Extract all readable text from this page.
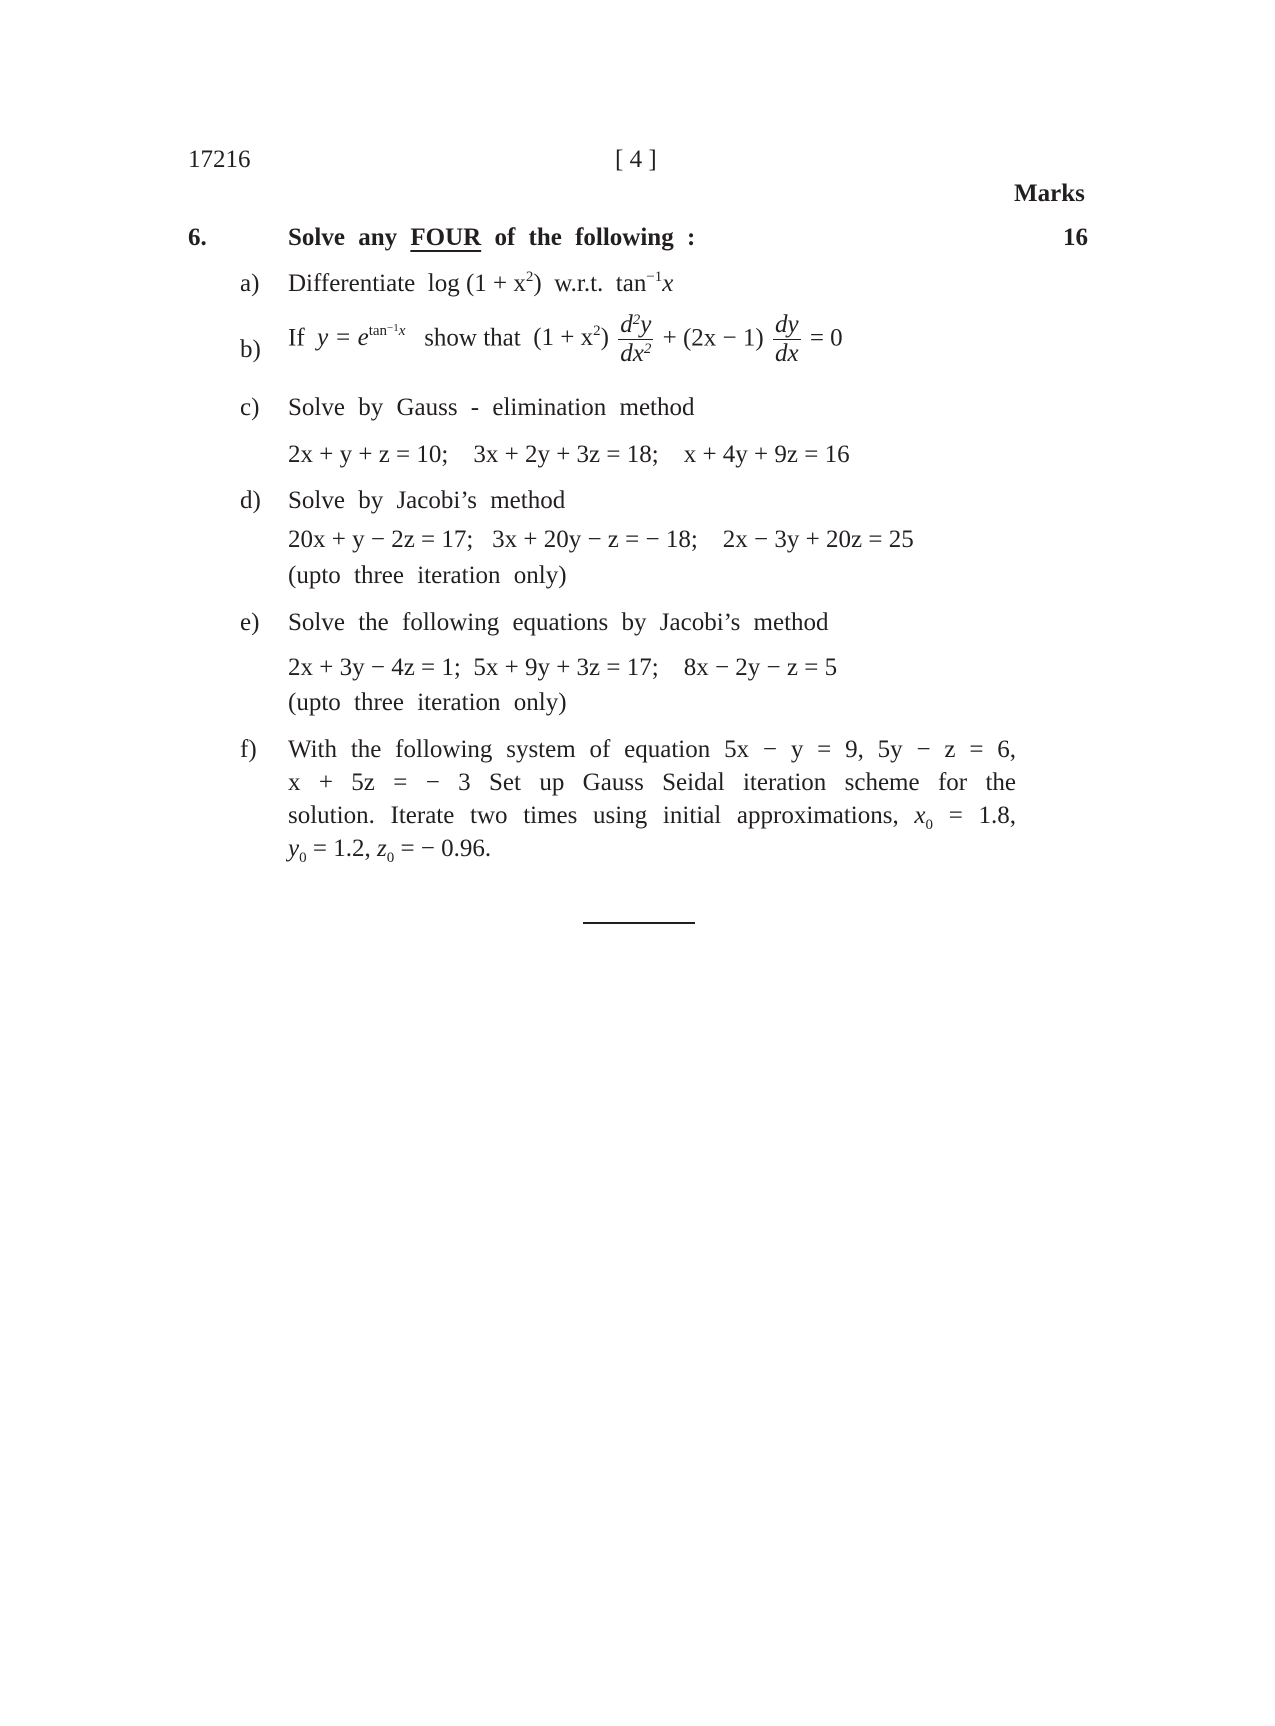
17216	[ 4 ]
Marks
6.	Solve any FOUR of the following :	16
a) Differentiate $\log (1 + x^2)$ w.r.t. $\tan^{-1}x$
b) If $y = e^{tan^{-1}x}$ show that $(1 + x^2) \frac{d^2y}{dx^2} + (2x - 1) \frac{dy}{dx} = 0$
c) Solve by Gauss - elimination method
2x + y + z = 10; 3x + 2y + 3z = 18; x + 4y + 9z = 16
d) Solve by Jacobi’s method
20x + y − 2z = 17; 3x + 20y − z = − 18; 2x − 3y + 20z = 25
(upto three iteration only)
e) Solve the following equations by Jacobi’s method
2x + 3y − 4z = 1; 5x + 9y + 3z = 17; 8x − 2y − z = 5
(upto three iteration only)
f) With the following system of equation 5x − y = 9, 5y − z = 6,
x + 5z = − 3 Set up Gauss Seidal iteration scheme for the
solution. Iterate two times using initial approximations, $x_0 = 1.8$,
$y_0 = 1.2$, $z_0$ = − 0.96.
